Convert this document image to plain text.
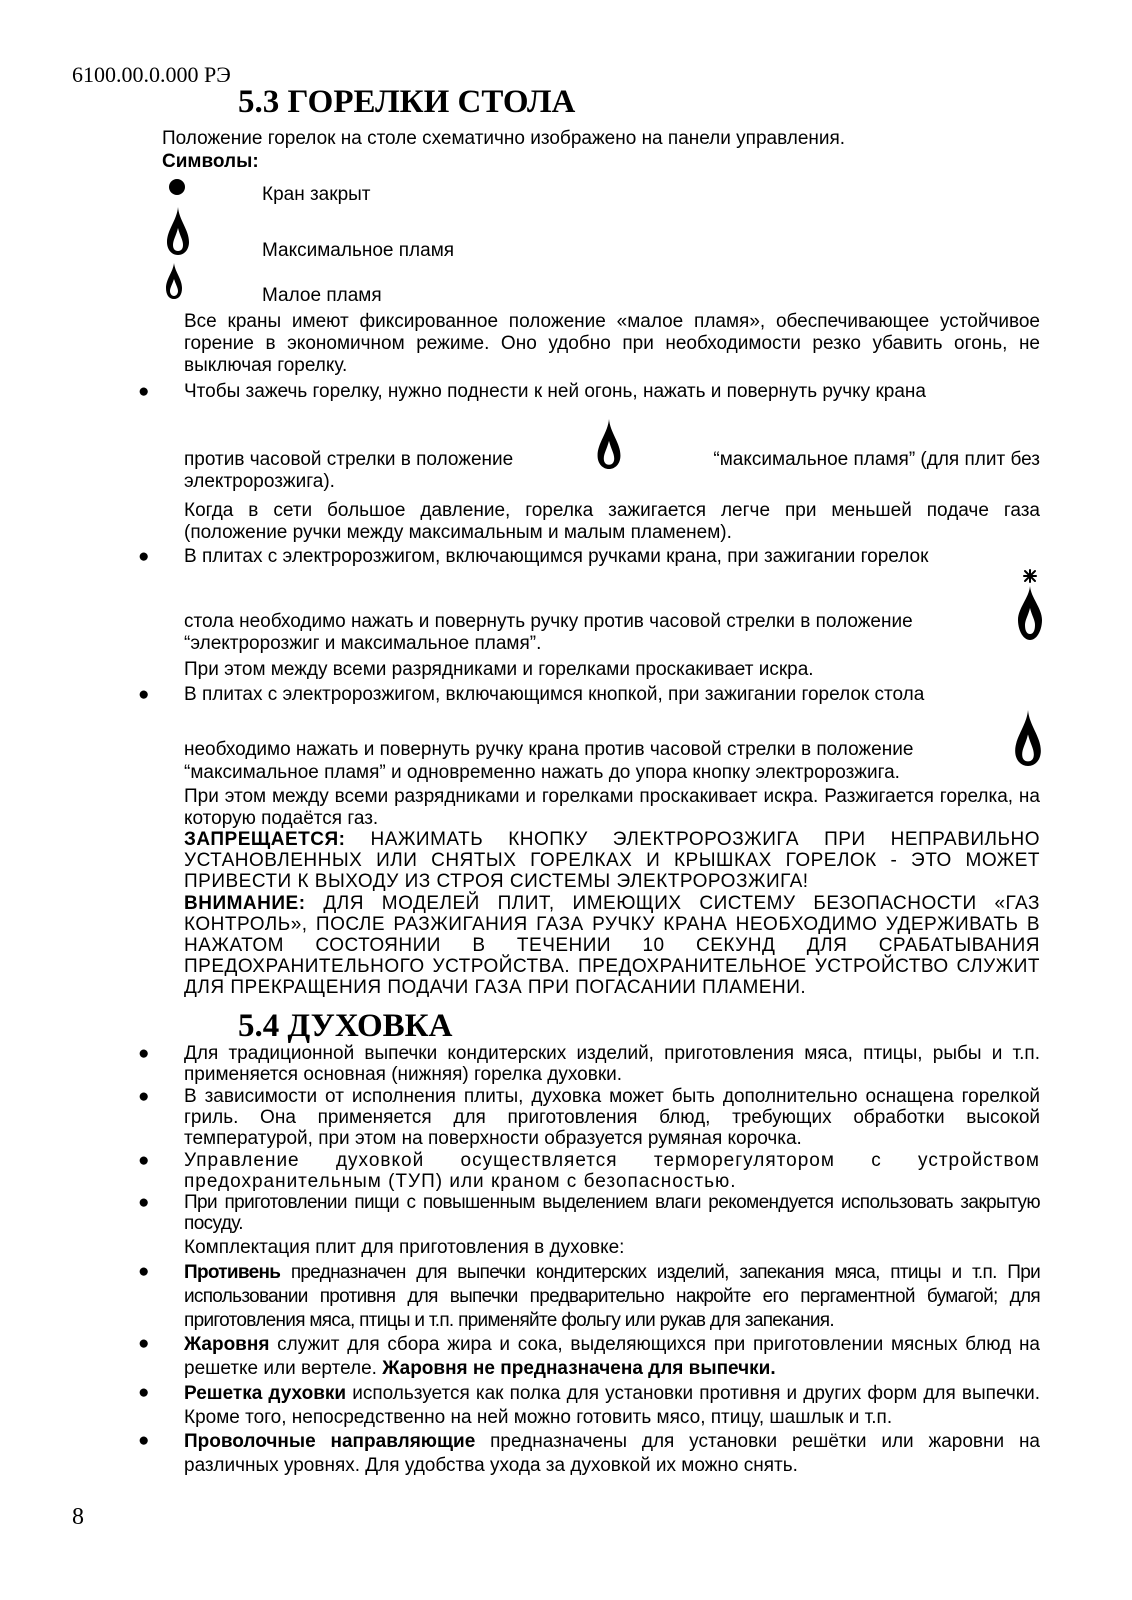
6100.00.0.000 РЭ
5.3 ГОРЕЛКИ СТОЛА
Положение горелок на столе схематично изображено на панели управления.
Символы:
Кран закрыт
Максимальное пламя
Малое пламя
Все краны имеют фиксированное положение «малое пламя», обеспечивающее устойчивое горение в экономичном режиме. Оно удобно при необходимости резко убавить огонь, не выключая горелку.
● Чтобы зажечь горелку, нужно поднести к ней огонь, нажать и повернуть ручку крана
против часовой стрелки в положение	“максимальное пламя” (для плит без
электророзжига).
Когда в сети большое давление, горелка зажигается легче при меньшей подаче газа (положение ручки между максимальным и малым пламенем).
● В плитах с электророзжигом, включающимся ручками крана, при зажигании горелок
стола необходимо нажать и повернуть ручку против часовой стрелки в положение
“электророзжиг и максимальное пламя”.
При этом между всеми разрядниками и горелками проскакивает искра.
● В плитах с электророзжигом, включающимся кнопкой, при зажигании горелок стола
необходимо нажать и повернуть ручку крана против часовой стрелки в положение
“максимальное пламя” и одновременно нажать до упора кнопку электророзжига.
При этом между всеми разрядниками и горелками проскакивает искра. Разжигается горелка, на которую подаётся газ.
ЗАПРЕЩАЕТСЯ: НАЖИМАТЬ КНОПКУ ЭЛЕКТРОРОЗЖИГА ПРИ НЕПРАВИЛЬНО УСТАНОВЛЕННЫХ ИЛИ СНЯТЫХ ГОРЕЛКАХ И КРЫШКАХ ГОРЕЛОК - ЭТО МОЖЕТ ПРИВЕСТИ К ВЫХОДУ ИЗ СТРОЯ СИСТЕМЫ ЭЛЕКТРОРОЗЖИГА!
ВНИМАНИЕ: ДЛЯ МОДЕЛЕЙ ПЛИТ, ИМЕЮЩИХ СИСТЕМУ БЕЗОПАСНОСТИ «ГАЗ КОНТРОЛЬ», ПОСЛЕ РАЗЖИГАНИЯ ГАЗА РУЧКУ КРАНА НЕОБХОДИМО УДЕРЖИВАТЬ В НАЖАТОМ СОСТОЯНИИ В ТЕЧЕНИИ 10 СЕКУНД ДЛЯ СРАБАТЫВАНИЯ ПРЕДОХРАНИТЕЛЬНОГО УСТРОЙСТВА. ПРЕДОХРАНИТЕЛЬНОЕ УСТРОЙСТВО СЛУЖИТ ДЛЯ ПРЕКРАЩЕНИЯ ПОДАЧИ ГАЗА ПРИ ПОГАСАНИИ ПЛАМЕНИ.
5.4 ДУХОВКА
● Для традиционной выпечки кондитерских изделий, приготовления мяса, птицы, рыбы и т.п. применяется основная (нижняя) горелка духовки.
● В зависимости от исполнения плиты, духовка может быть дополнительно оснащена горелкой гриль. Она применяется для приготовления блюд, требующих обработки высокой температурой, при этом на поверхности образуется румяная корочка.
● Управление духовкой осуществляется терморегулятором с устройством предохранительным (ТУП) или краном с безопасностью.
● При приготовлении пищи с повышенным выделением влаги рекомендуется использовать закрытую посуду.
Комплектация плит для приготовления в духовке:
● Противень предназначен для выпечки кондитерских изделий, запекания мяса, птицы и т.п. При использовании противня для выпечки предварительно накройте его пергаментной бумагой; для приготовления мяса, птицы и т.п. применяйте фольгу или рукав для запекания.
● Жаровня служит для сбора жира и сока, выделяющихся при приготовлении мясных блюд на решетке или вертеле. Жаровня не предназначена для выпечки.
● Решетка духовки используется как полка для установки противня и других форм для выпечки. Кроме того, непосредственно на ней можно готовить мясо, птицу, шашлык и т.п.
● Проволочные направляющие предназначены для установки решётки или жаровни на различных уровнях. Для удобства ухода за духовкой их можно снять.
8
